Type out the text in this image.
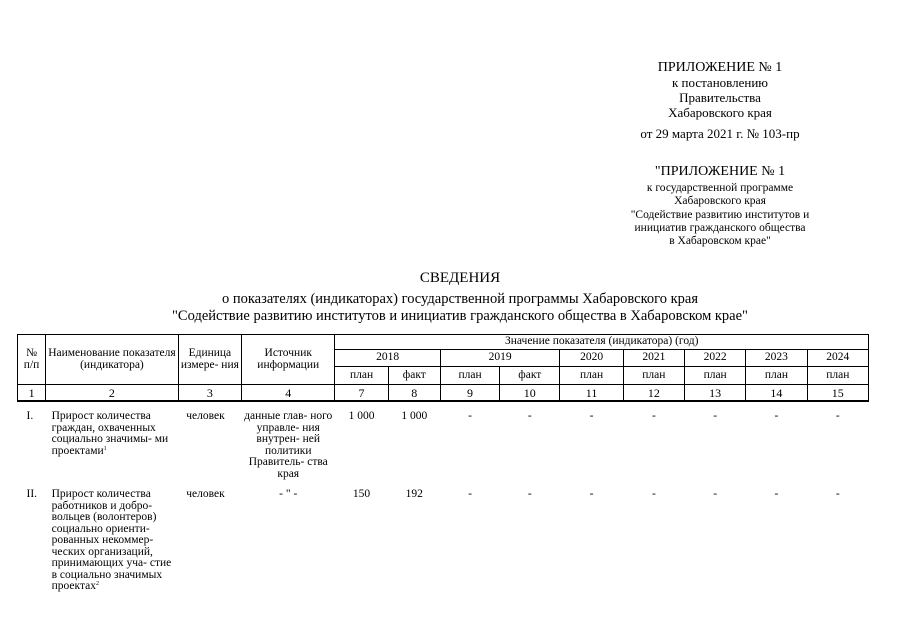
ПРИЛОЖЕНИЕ № 1
к постановлению
Правительства
Хабаровского края
от 29 марта 2021 г. № 103-пр
"ПРИЛОЖЕНИЕ № 1
к государственной программе
Хабаровского края
"Содействие развитию институтов и
инициатив гражданского общества
в Хабаровском крае"
СВЕДЕНИЯ
о показателях (индикаторах) государственной программы Хабаровского края
"Содействие развитию институтов и инициатив гражданского общества в Хабаровском крае"
№ п/п	Наименование показателя (индикатора)	Единица измере- ния	Источник информации	Значение показателя (индикатора) (год)								
				2018		2019		2020	2021	2022	2023	2024
				план	факт	план	факт	план	план	план	план	план
1	2	3	4	7	8	9	10	11	12	13	14	15
I.	Прирост количества граждан, охваченных социально значимы- ми проектами$^1$	человек	данные глав- ного управле- ния внутрен- ней политики Правитель- ства края	1 000	1 000	-	-	-	-	-	-	-
II.	Прирост количества работников и добро- вольцев (волонтеров) социально ориенти- рованных некоммер- ческих организаций, принимающих уча- стие в социально значимых проектах$^2$	человек	- " -	150	192	-	-	-	-	-	-	-
